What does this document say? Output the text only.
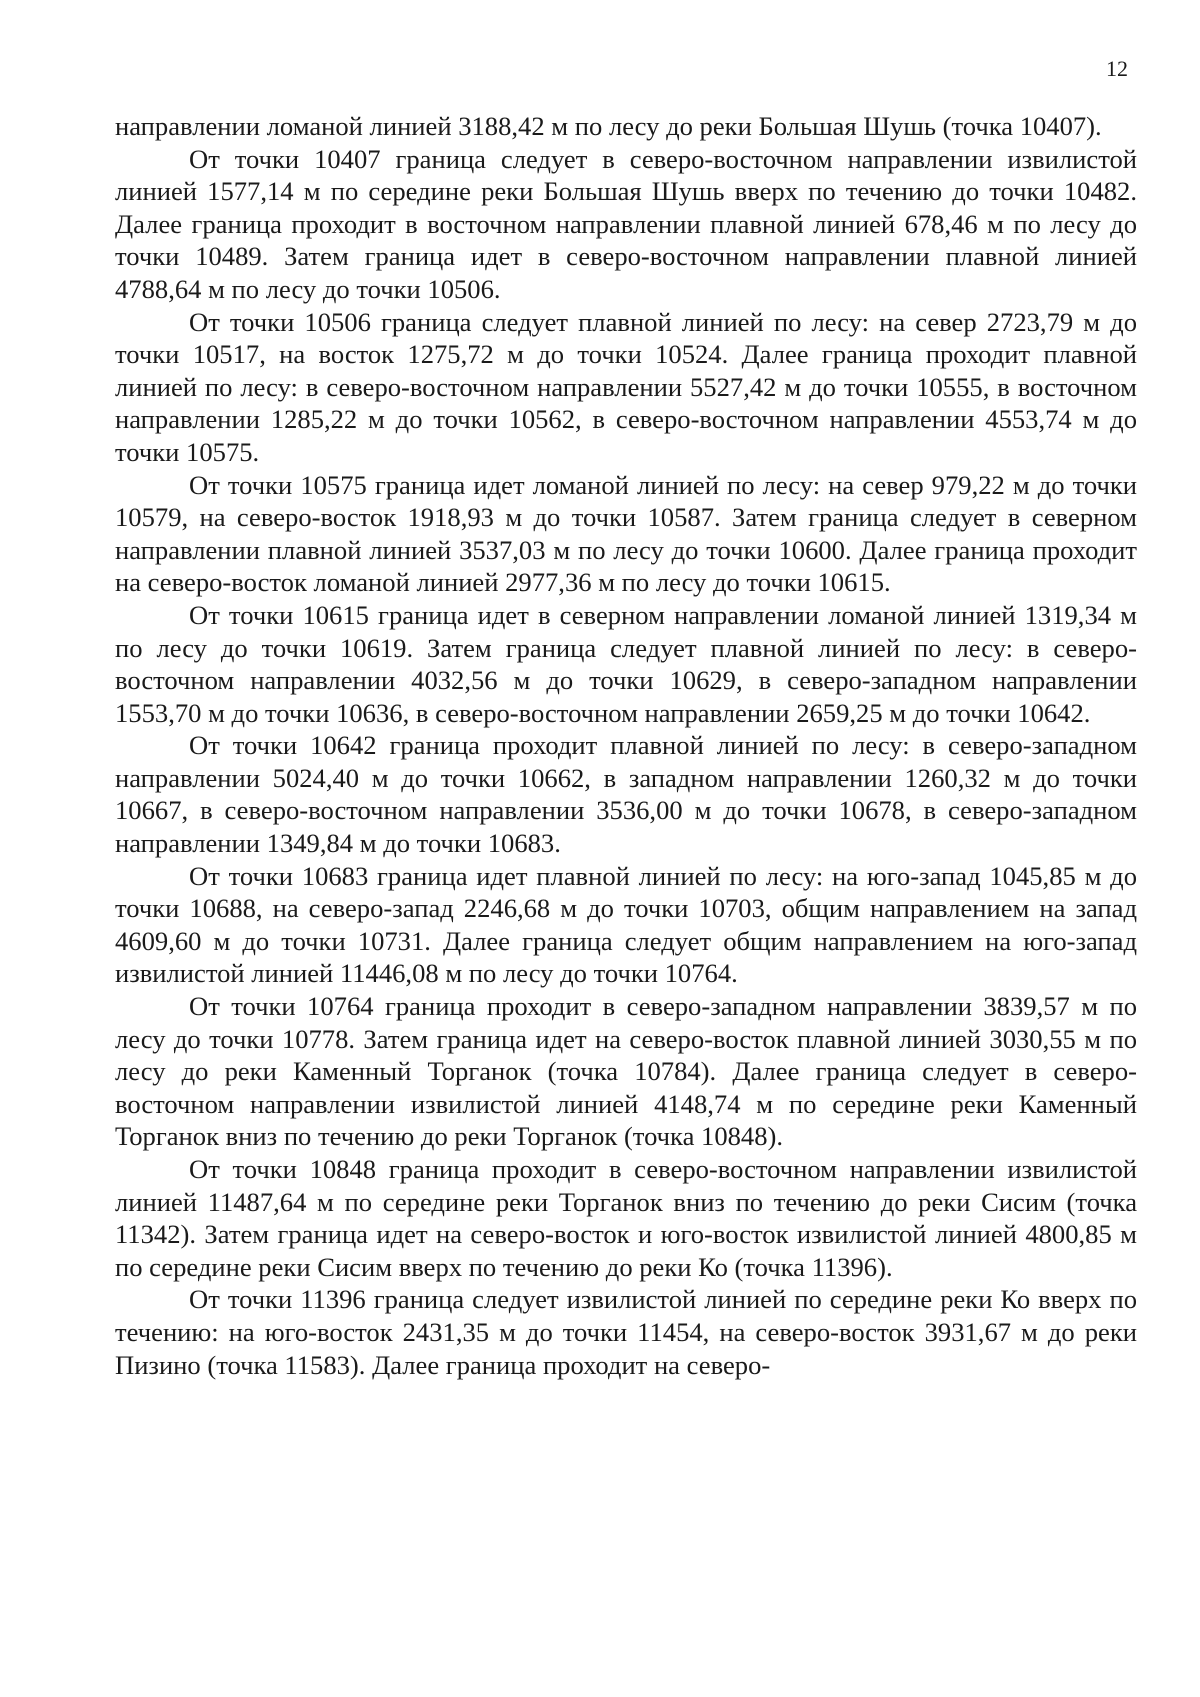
12

направлении ломаной линией 3188,42 м по лесу до реки Большая Шушь (точка 10407).

От точки 10407 граница следует в северо-восточном направлении извилистой линией 1577,14 м по середине реки Большая Шушь вверх по течению до точки 10482. Далее граница проходит в восточном направлении плавной линией 678,46 м по лесу до точки 10489. Затем граница идет в северо-восточном направлении плавной линией 4788,64 м по лесу до точки 10506.

От точки 10506 граница следует плавной линией по лесу: на север 2723,79 м до точки 10517, на восток 1275,72 м до точки 10524. Далее граница проходит плавной линией по лесу: в северо-восточном направлении 5527,42 м до точки 10555, в восточном направлении 1285,22 м до точки 10562, в северо-восточном направлении 4553,74 м до точки 10575.

От точки 10575 граница идет ломаной линией по лесу: на север 979,22 м до точки 10579, на северо-восток 1918,93 м до точки 10587. Затем граница следует в северном направлении плавной линией 3537,03 м по лесу до точки 10600. Далее граница проходит на северо-восток ломаной линией 2977,36 м по лесу до точки 10615.

От точки 10615 граница идет в северном направлении ломаной линией 1319,34 м по лесу до точки 10619. Затем граница следует плавной линией по лесу: в северо-восточном направлении 4032,56 м до точки 10629, в северо-западном направлении 1553,70 м до точки 10636, в северо-восточном направлении 2659,25 м до точки 10642.

От точки 10642 граница проходит плавной линией по лесу: в северо-западном направлении 5024,40 м до точки 10662, в западном направлении 1260,32 м до точки 10667, в северо-восточном направлении 3536,00 м до точки 10678, в северо-западном направлении 1349,84 м до точки 10683.

От точки 10683 граница идет плавной линией по лесу: на юго-запад 1045,85 м до точки 10688, на северо-запад 2246,68 м до точки 10703, общим направлением на запад 4609,60 м до точки 10731. Далее граница следует общим направлением на юго-запад извилистой линией 11446,08 м по лесу до точки 10764.

От точки 10764 граница проходит в северо-западном направлении 3839,57 м по лесу до точки 10778. Затем граница идет на северо-восток плавной линией 3030,55 м по лесу до реки Каменный Торганок (точка 10784). Далее граница следует в северо-восточном направлении извилистой линией 4148,74 м по середине реки Каменный Торганок вниз по течению до реки Торганок (точка 10848).

От точки 10848 граница проходит в северо-восточном направлении извилистой линией 11487,64 м по середине реки Торганок вниз по течению до реки Сисим (точка 11342). Затем граница идет на северо-восток и юго-восток извилистой линией 4800,85 м по середине реки Сисим вверх по течению до реки Ко (точка 11396).

От точки 11396 граница следует извилистой линией по середине реки Ко вверх по течению: на юго-восток 2431,35 м до точки 11454, на северо-восток 3931,67 м до реки Пизино (точка 11583). Далее граница проходит на северо-
